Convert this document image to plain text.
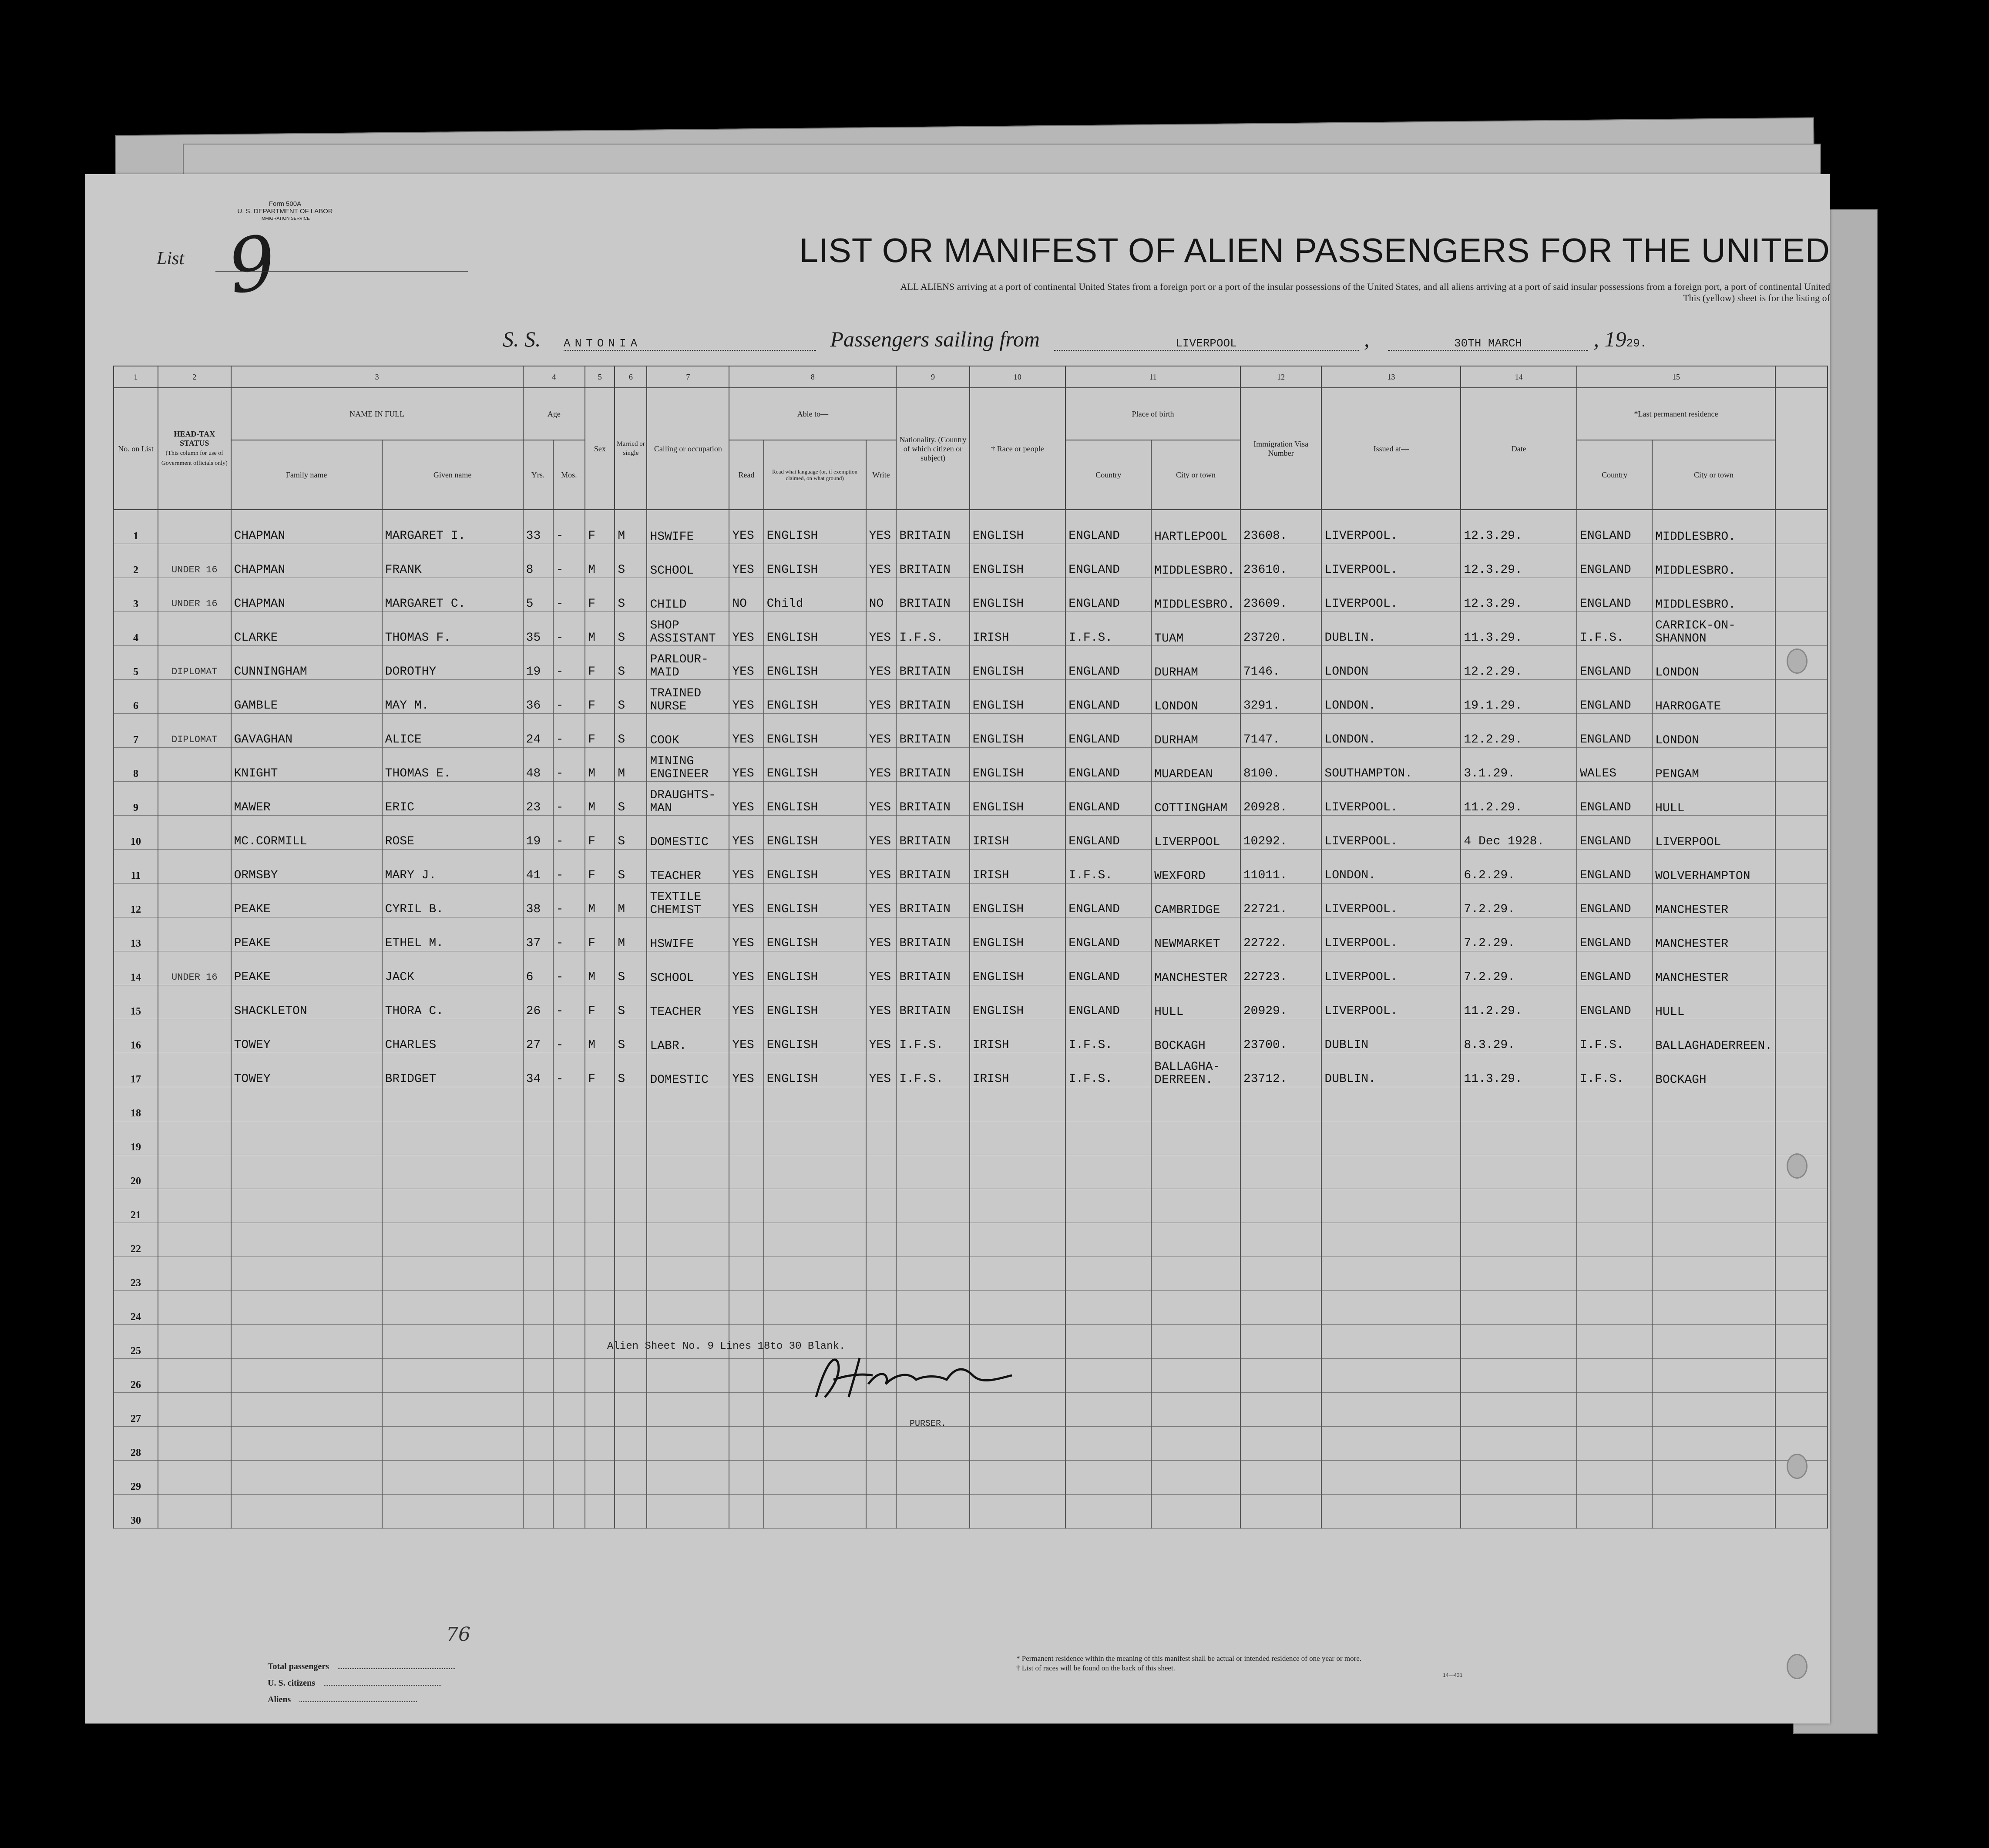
Form 500A
U. S. DEPARTMENT OF LABOR
IMMIGRATION SERVICE
List 9	LIST OR MANIFEST OF ALIEN PASSENGERS FOR THE UNITED
ALL ALIENS arriving at a port of continental United States from a foreign port or a port of the insular possessions of the United States, and all aliens arriving at a port of said insular possessions from a foreign port, a port of continental United
This (yellow) sheet is for the listing of
S. S. ANTONIA	Passengers sailing from	LIVERPOOL	,	30TH MARCH	, 1929.
1	2	3		4		5	6	7	8			9	10	11		12	13	14	15		
No. on List	HEAD-TAX STATUS
(This column for use of Government officials only)	NAME IN FULL		Age		Sex	Married or single	Calling or occupation	Able to—			Nationality. (Country of which citizen or subject)	† Race or people	Place of birth		Immigration Visa Number	Issued at—	Date	*Last permanent residence		
		Family name	Given name	Yrs.	Mos.				Read	Read what language (or, if exemption claimed, on what ground)	Write			Country	City or town				Country	City or town	
1		CHAPMAN	MARGARET I.	33	-	F	M	HSWIFE	YES	ENGLISH	YES	BRITAIN	ENGLISH	ENGLAND	HARTLEPOOL	23608.	LIVERPOOL.	12.3.29.	ENGLAND	MIDDLESBRO.	
2	UNDER 16	CHAPMAN	FRANK	8	-	M	S	SCHOOL	YES	ENGLISH	YES	BRITAIN	ENGLISH	ENGLAND	MIDDLESBRO.	23610.	LIVERPOOL.	12.3.29.	ENGLAND	MIDDLESBRO.	
3	UNDER 16	CHAPMAN	MARGARET C.	5	-	F	S	CHILD	NO	Child	NO	BRITAIN	ENGLISH	ENGLAND	MIDDLESBRO.	23609.	LIVERPOOL.	12.3.29.	ENGLAND	MIDDLESBRO.	
4		CLARKE	THOMAS F.	35	-	M	S	SHOP ASSISTANT	YES	ENGLISH	YES	I.F.S.	IRISH	I.F.S.	TUAM	23720.	DUBLIN.	11.3.29.	I.F.S.	CARRICK-ON-SHANNON	
5	DIPLOMAT	CUNNINGHAM	DOROTHY	19	-	F	S	PARLOUR-MAID	YES	ENGLISH	YES	BRITAIN	ENGLISH	ENGLAND	DURHAM	7146.	LONDON	12.2.29.	ENGLAND	LONDON	
6		GAMBLE	MAY M.	36	-	F	S	TRAINED NURSE	YES	ENGLISH	YES	BRITAIN	ENGLISH	ENGLAND	LONDON	3291.	LONDON.	19.1.29.	ENGLAND	HARROGATE	
7	DIPLOMAT	GAVAGHAN	ALICE	24	-	F	S	COOK	YES	ENGLISH	YES	BRITAIN	ENGLISH	ENGLAND	DURHAM	7147.	LONDON.	12.2.29.	ENGLAND	LONDON	
8		KNIGHT	THOMAS E.	48	-	M	M	MINING ENGINEER	YES	ENGLISH	YES	BRITAIN	ENGLISH	ENGLAND	MUARDEAN	8100.	SOUTHAMPTON.	3.1.29.	WALES	PENGAM	
9		MAWER	ERIC	23	-	M	S	DRAUGHTS-MAN	YES	ENGLISH	YES	BRITAIN	ENGLISH	ENGLAND	COTTINGHAM	20928.	LIVERPOOL.	11.2.29.	ENGLAND	HULL	
10		MC.CORMILL	ROSE	19	-	F	S	DOMESTIC	YES	ENGLISH	YES	BRITAIN	IRISH	ENGLAND	LIVERPOOL	10292.	LIVERPOOL.	4 Dec 1928.	ENGLAND	LIVERPOOL	
11		ORMSBY	MARY J.	41	-	F	S	TEACHER	YES	ENGLISH	YES	BRITAIN	IRISH	I.F.S.	WEXFORD	11011.	LONDON.	6.2.29.	ENGLAND	WOLVERHAMPTON	
12		PEAKE	CYRIL B.	38	-	M	M	TEXTILE CHEMIST	YES	ENGLISH	YES	BRITAIN	ENGLISH	ENGLAND	CAMBRIDGE	22721.	LIVERPOOL.	7.2.29.	ENGLAND	MANCHESTER	
13		PEAKE	ETHEL M.	37	-	F	M	HSWIFE	YES	ENGLISH	YES	BRITAIN	ENGLISH	ENGLAND	NEWMARKET	22722.	LIVERPOOL.	7.2.29.	ENGLAND	MANCHESTER	
14	UNDER 16	PEAKE	JACK	6	-	M	S	SCHOOL	YES	ENGLISH	YES	BRITAIN	ENGLISH	ENGLAND	MANCHESTER	22723.	LIVERPOOL.	7.2.29.	ENGLAND	MANCHESTER	
15		SHACKLETON	THORA C.	26	-	F	S	TEACHER	YES	ENGLISH	YES	BRITAIN	ENGLISH	ENGLAND	HULL	20929.	LIVERPOOL.	11.2.29.	ENGLAND	HULL	
16		TOWEY	CHARLES	27	-	M	S	LABR.	YES	ENGLISH	YES	I.F.S.	IRISH	I.F.S.	BOCKAGH	23700.	DUBLIN	8.3.29.	I.F.S.	BALLAGHADERREEN.	
17		TOWEY	BRIDGET	34	-	F	S	DOMESTIC	YES	ENGLISH	YES	I.F.S.	IRISH	I.F.S.	BALLAGHA-DERREEN.	23712.	DUBLIN.	11.3.29.	I.F.S.	BOCKAGH	
18																					
19																					
20																					
21																					
22																					
23																					
24																					
25																					
26																					
27																					
28																					
29																					
30																					
Alien Sheet No. 9 Lines 18to 30 Blank.
PURSER.
76
Total passengers
U. S. citizens
Aliens
* Permanent residence within the meaning of this manifest shall be actual or intended residence of one year or more.
† List of races will be found on the back of this sheet.
14—431
